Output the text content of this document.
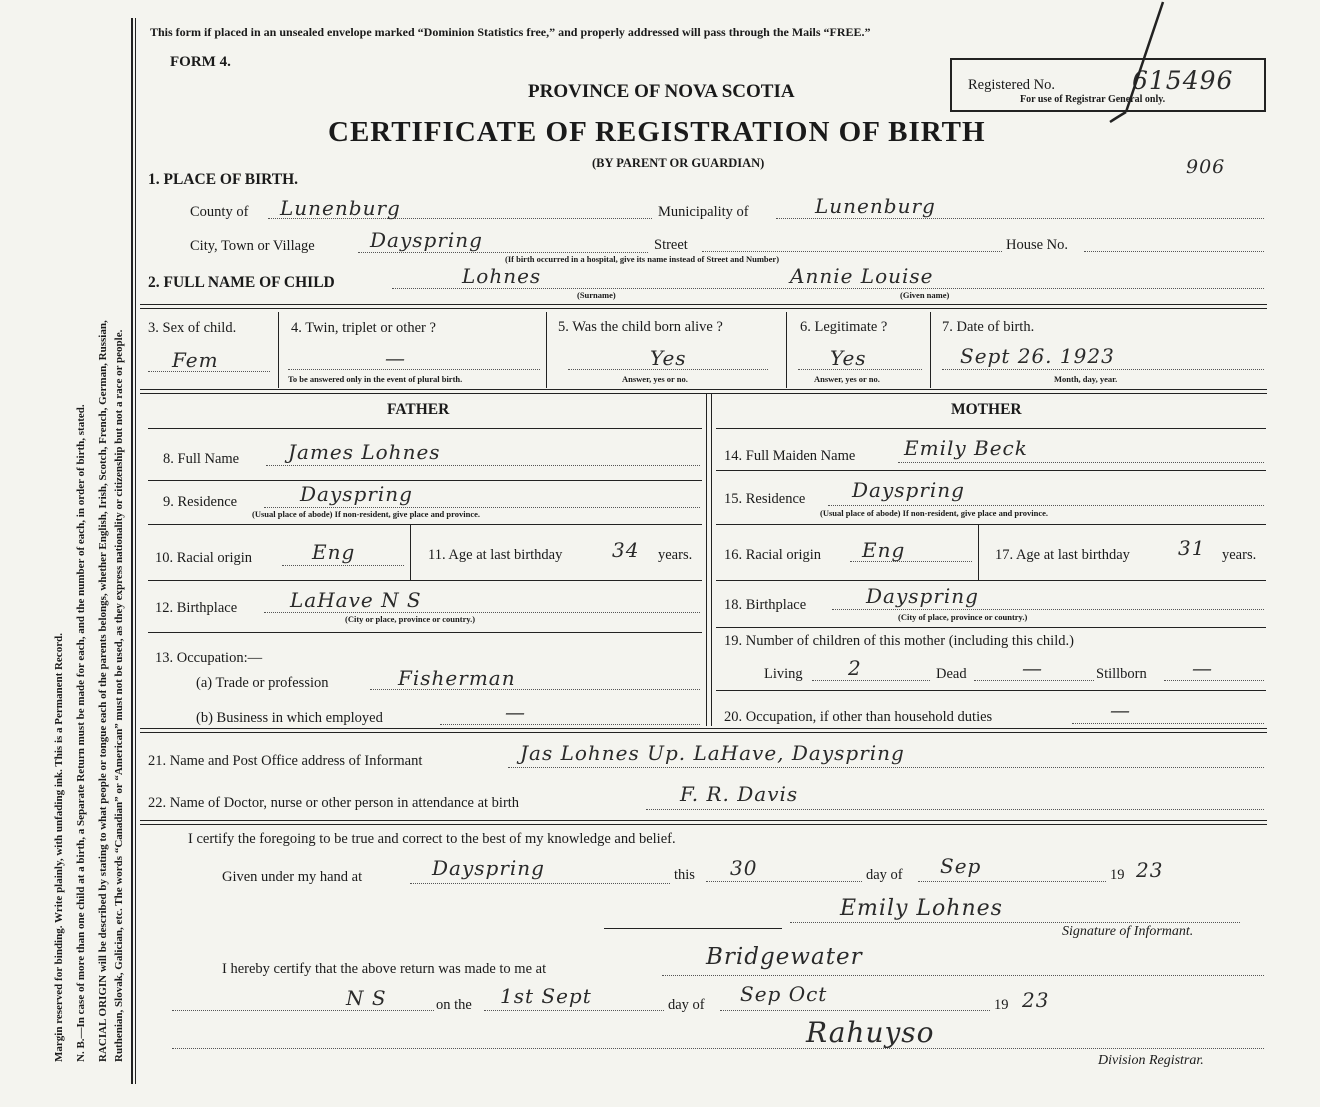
Margin reserved for binding. Write plainly, with unfading ink. This is a Permanent Record. N. B.—In case of more than one child at a birth, a Separate Return must be made for each, and the number of each, in order of birth, stated. RACIAL ORIGIN will be described by stating to what people or tongue each of the parents belongs, whether English, Irish, Scotch, French, German, Russian, Ruthenian, Slovak, Galician, etc. The words “Canadian” or “American” must not be used, as they express nationality or citizenship but not a race or people.
This form if placed in an unsealed envelope marked “Dominion Statistics free,” and properly addressed will pass through the Mails “FREE.”
FORM 4.
PROVINCE OF NOVA SCOTIA
CERTIFICATE OF REGISTRATION OF BIRTH
(BY PARENT OR GUARDIAN)
Registered No.	615496
For use of Registrar General only.
906
1. PLACE OF BIRTH.
County of Lunenburg	Municipality of	Lunenburg
City, Town or Village	Dayspring	Street	House No.
(If birth occurred in a hospital, give its name instead of Street and Number)
2. FULL NAME OF CHILD	Lohnes	Annie Louise
(Surname)	(Given name)
3. Sex of child.
Fem
4. Twin, triplet or other ?
—
To be answered only in the event of plural birth.
5. Was the child born alive ?
Yes
Answer, yes or no.
6. Legitimate ?
Yes
Answer, yes or no.
7. Date of birth.
Sept 26. 1923
Month, day, year.
FATHER	MOTHER
8. Full Name James Lohnes
9. Residence	Dayspring
(Usual place of abode) If non-resident, give place and province.
10. Racial origin	Eng	11. Age at last birthday 34 years.
12. Birthplace	LaHave N S
(City or place, province or country.)
13. Occupation:—
(a) Trade or profession	Fisherman
(b) Business in which employed	—
14. Full Maiden Name Emily Beck
15. Residence Dayspring
(Usual place of abode) If non-resident, give place and province.
16. Racial origin Eng	17. Age at last birthday 31 years.
18. Birthplace	Dayspring
(City of place, province or country.)
19. Number of children of this mother (including this child.)
Living 2	Dead	—	Stillborn —
20. Occupation, if other than household duties	—
21. Name and Post Office address of Informant	Jas Lohnes Up. LaHave, Dayspring
22. Name of Doctor, nurse or other person in attendance at birth	F. R. Davis
I certify the foregoing to be true and correct to the best of my knowledge and belief.
Given under my hand at	Dayspring	this 30	day of Sep	19 23
Emily Lohnes
Signature of Informant.
I hereby certify that the above return was made to me at	Bridgewater
N S	on the 1st Sept	day of Sep Oct	19 23
Rahuyso
Division Registrar.
